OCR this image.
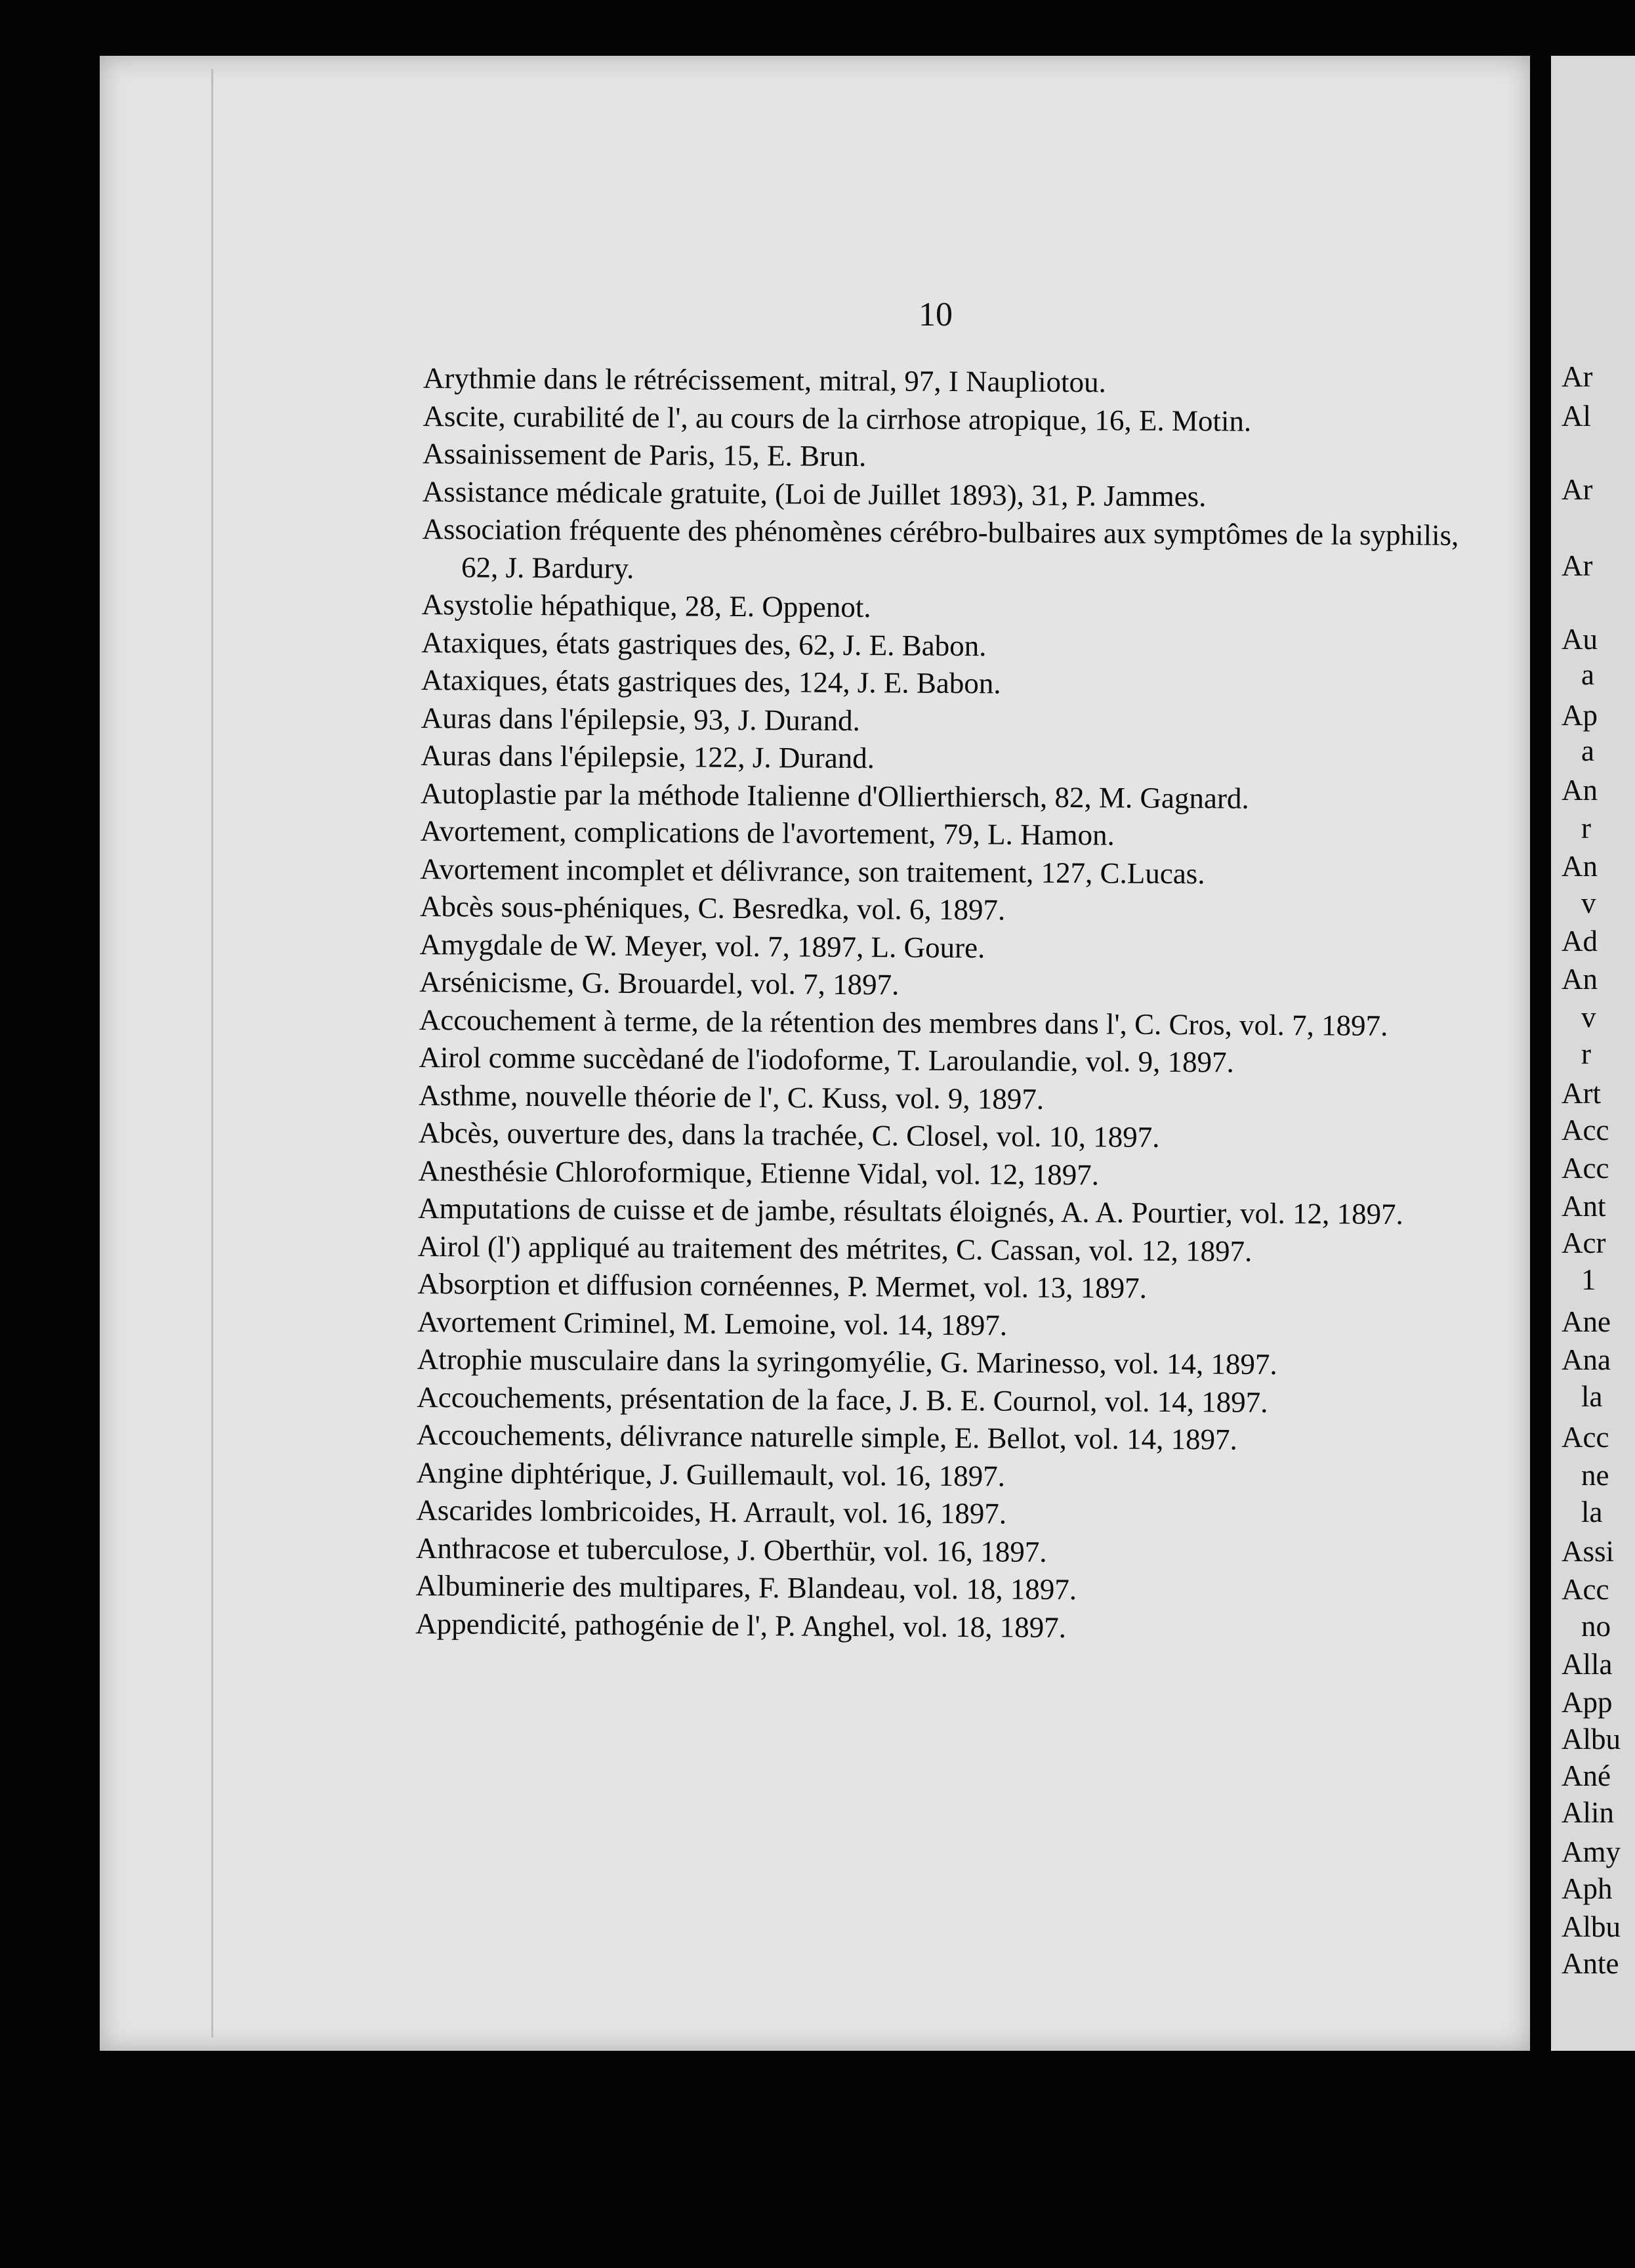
10
Arythmie dans le rétrécissement, mitral, 97, I Naupliotou.
Ascite, curabilité de l', au cours de la cirrhose atropique, 16, E. Motin.
Assainissement de Paris, 15, E. Brun.
Assistance médicale gratuite, (Loi de Juillet 1893), 31, P. Jammes.
Association fréquente des phénomènes cérébro-bulbaires aux symptômes de la syphilis, 62, J. Bardury.
Asystolie hépathique, 28, E. Oppenot.
Ataxiques, états gastriques des, 62, J. E. Babon.
Ataxiques, états gastriques des, 124, J. E. Babon.
Auras dans l'épilepsie, 93, J. Durand.
Auras dans l'épilepsie, 122, J. Durand.
Autoplastie par la méthode Italienne d'Ollierthiersch, 82, M. Gagnard.
Avortement, complications de l'avortement, 79, L. Hamon.
Avortement incomplet et délivrance, son traitement, 127, C.Lucas.
Abcès sous-phéniques, C. Besredka, vol. 6, 1897.
Amygdale de W. Meyer, vol. 7, 1897, L. Goure.
Arsénicisme, G. Brouardel, vol. 7, 1897.
Accouchement à terme, de la rétention des membres dans l', C. Cros, vol. 7, 1897.
Airol comme succèdané de l'iodoforme, T. Laroulandie, vol. 9, 1897.
Asthme, nouvelle théorie de l', C. Kuss, vol. 9, 1897.
Abcès, ouverture des, dans la trachée, C. Closel, vol. 10, 1897.
Anesthésie Chloroformique, Etienne Vidal, vol. 12, 1897.
Amputations de cuisse et de jambe, résultats éloignés, A. A. Pourtier, vol. 12, 1897.
Airol (l') appliqué au traitement des métrites, C. Cassan, vol. 12, 1897.
Absorption et diffusion cornéennes, P. Mermet, vol. 13, 1897.
Avortement Criminel, M. Lemoine, vol. 14, 1897.
Atrophie musculaire dans la syringomyélie, G. Marinesso, vol. 14, 1897.
Accouchements, présentation de la face, J. B. E. Cournol, vol. 14, 1897.
Accouchements, délivrance naturelle simple, E. Bellot, vol. 14, 1897.
Angine diphtérique, J. Guillemault, vol. 16, 1897.
Ascarides lombricoides, H. Arrault, vol. 16, 1897.
Anthracose et tuberculose, J. Oberthür, vol. 16, 1897.
Albuminerie des multipares, F. Blandeau, vol. 18, 1897.
Appendicité, pathogénie de l', P. Anghel, vol. 18, 1897.
Ar
Al
Ar
Ar
Au
a
Ap
a
An
r
An
v
Ad
An
v
r
Art
Acc
Acc
Ant
Acr
1
Ane
Ana
la
Acc
ne
la
Assi
Acc
no
Alla
App
Albu
Ané
Alin
Amy
Aph
Albu
Ante
